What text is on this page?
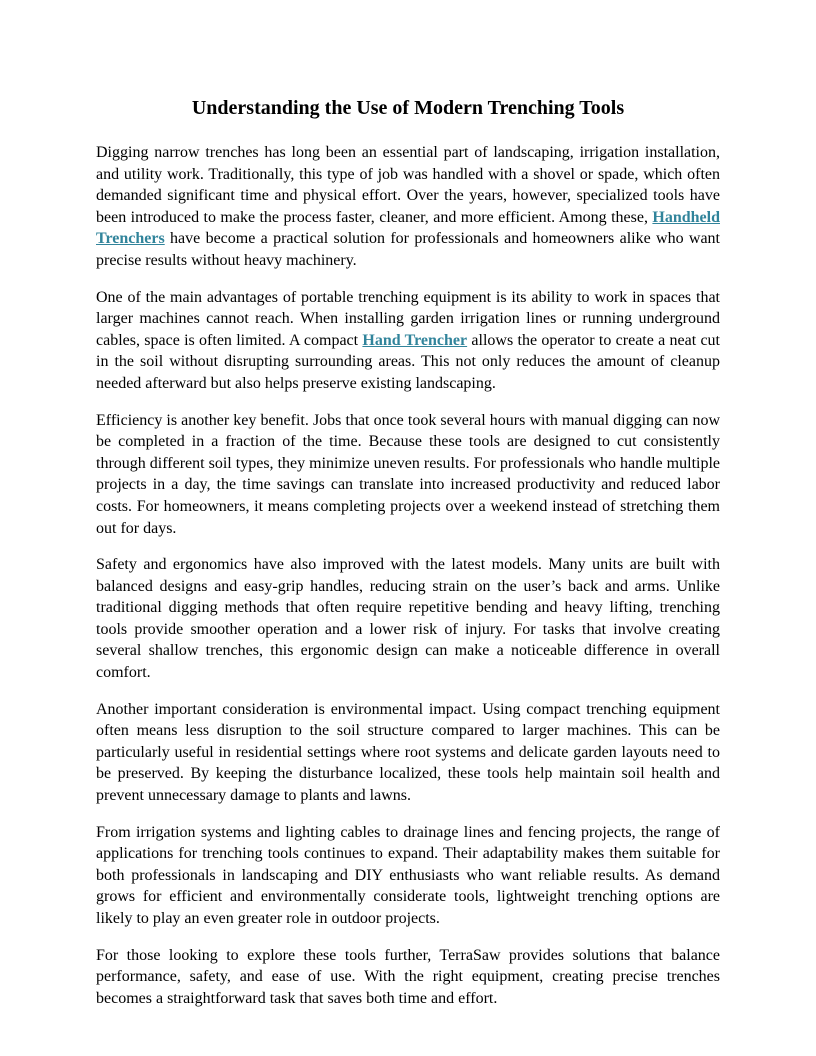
Understanding the Use of Modern Trenching Tools

Digging narrow trenches has long been an essential part of landscaping, irrigation installation, and utility work. Traditionally, this type of job was handled with a shovel or spade, which often demanded significant time and physical effort. Over the years, however, specialized tools have been introduced to make the process faster, cleaner, and more efficient. Among these, Handheld Trenchers have become a practical solution for professionals and homeowners alike who want precise results without heavy machinery.

One of the main advantages of portable trenching equipment is its ability to work in spaces that larger machines cannot reach. When installing garden irrigation lines or running underground cables, space is often limited. A compact Hand Trencher allows the operator to create a neat cut in the soil without disrupting surrounding areas. This not only reduces the amount of cleanup needed afterward but also helps preserve existing landscaping.

Efficiency is another key benefit. Jobs that once took several hours with manual digging can now be completed in a fraction of the time. Because these tools are designed to cut consistently through different soil types, they minimize uneven results. For professionals who handle multiple projects in a day, the time savings can translate into increased productivity and reduced labor costs. For homeowners, it means completing projects over a weekend instead of stretching them out for days.

Safety and ergonomics have also improved with the latest models. Many units are built with balanced designs and easy-grip handles, reducing strain on the user’s back and arms. Unlike traditional digging methods that often require repetitive bending and heavy lifting, trenching tools provide smoother operation and a lower risk of injury. For tasks that involve creating several shallow trenches, this ergonomic design can make a noticeable difference in overall comfort.

Another important consideration is environmental impact. Using compact trenching equipment often means less disruption to the soil structure compared to larger machines. This can be particularly useful in residential settings where root systems and delicate garden layouts need to be preserved. By keeping the disturbance localized, these tools help maintain soil health and prevent unnecessary damage to plants and lawns.

From irrigation systems and lighting cables to drainage lines and fencing projects, the range of applications for trenching tools continues to expand. Their adaptability makes them suitable for both professionals in landscaping and DIY enthusiasts who want reliable results. As demand grows for efficient and environmentally considerate tools, lightweight trenching options are likely to play an even greater role in outdoor projects.

For those looking to explore these tools further, TerraSaw provides solutions that balance performance, safety, and ease of use. With the right equipment, creating precise trenches becomes a straightforward task that saves both time and effort.
